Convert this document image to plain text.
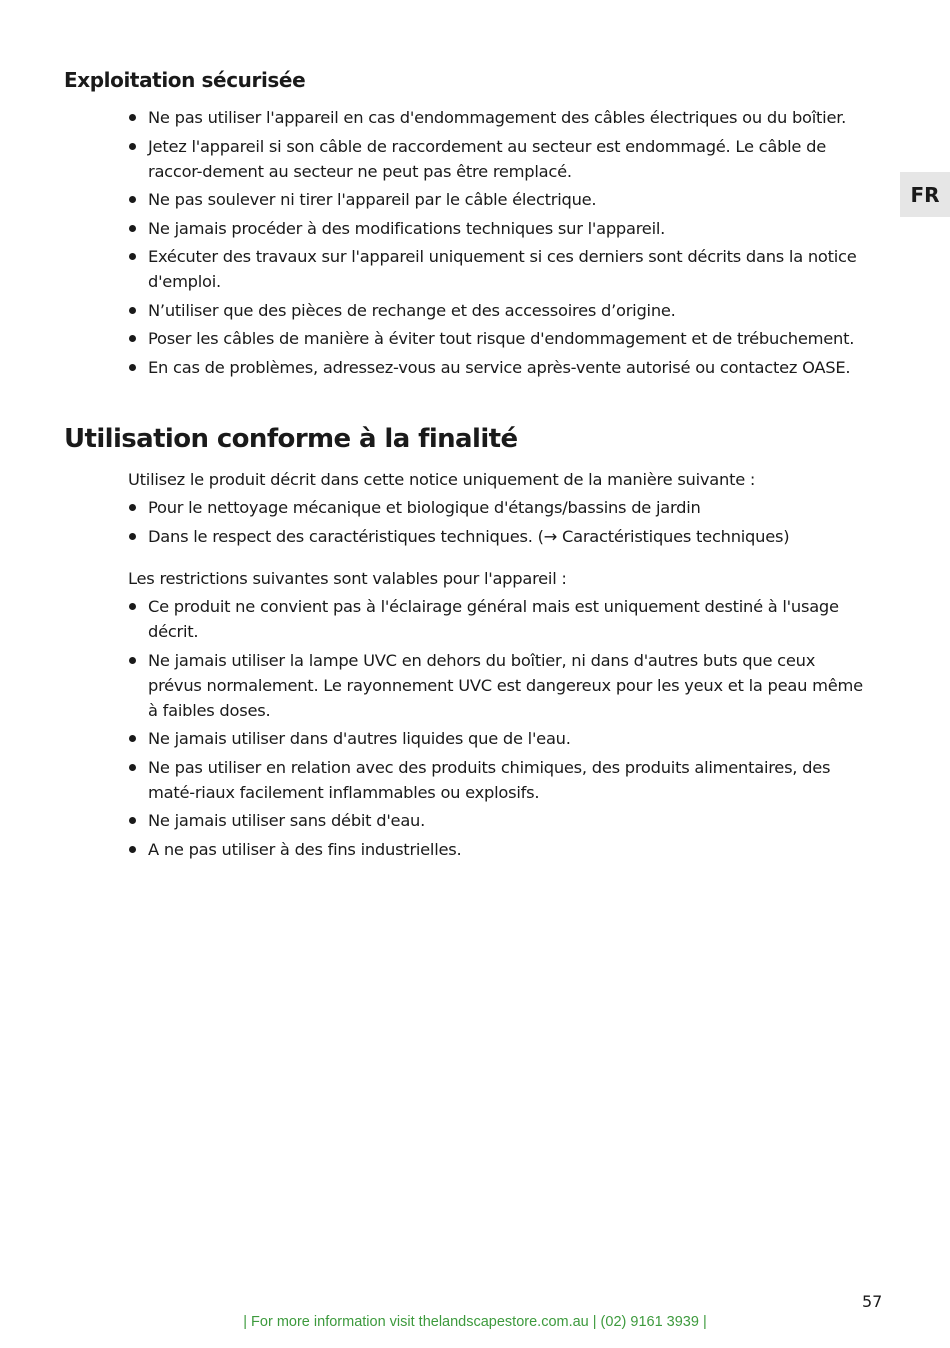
Exploitation sécurisée
Ne pas utiliser l'appareil en cas d'endommagement des câbles électriques ou du boîtier.
Jetez l'appareil si son câble de raccordement au secteur est endommagé. Le câble de raccor-dement au secteur ne peut pas être remplacé.
Ne pas soulever ni tirer l'appareil par le câble électrique.
Ne jamais procéder à des modifications techniques sur l'appareil.
Exécuter des travaux sur l'appareil uniquement si ces derniers sont décrits dans la notice d'emploi.
N’utiliser que des pièces de rechange et des accessoires d’origine.
Poser les câbles de manière à éviter tout risque d'endommagement et de trébuchement.
En cas de problèmes, adressez-vous au service après-vente autorisé ou contactez OASE.
FR
Utilisation conforme à la finalité

Utilisez le produit décrit dans cette notice uniquement de la manière suivante :

Pour le nettoyage mécanique et biologique d'étangs/bassins de jardin
Dans le respect des caractéristiques techniques. (→ Caractéristiques techniques)

Les restrictions suivantes sont valables pour l'appareil :

Ce produit ne convient pas à l'éclairage général mais est uniquement destiné à l'usage décrit.
Ne jamais utiliser la lampe UVC en dehors du boîtier, ni dans d'autres buts que ceux prévus normalement. Le rayonnement UVC est dangereux pour les yeux et la peau même à faibles doses.
Ne jamais utiliser dans d'autres liquides que de l'eau.
Ne pas utiliser en relation avec des produits chimiques, des produits alimentaires, des maté-riaux facilement inflammables ou explosifs.
Ne jamais utiliser sans débit d'eau.
A ne pas utiliser à des fins industrielles.
57
| For more information visit thelandscapestore.com.au | (02) 9161 3939 |
